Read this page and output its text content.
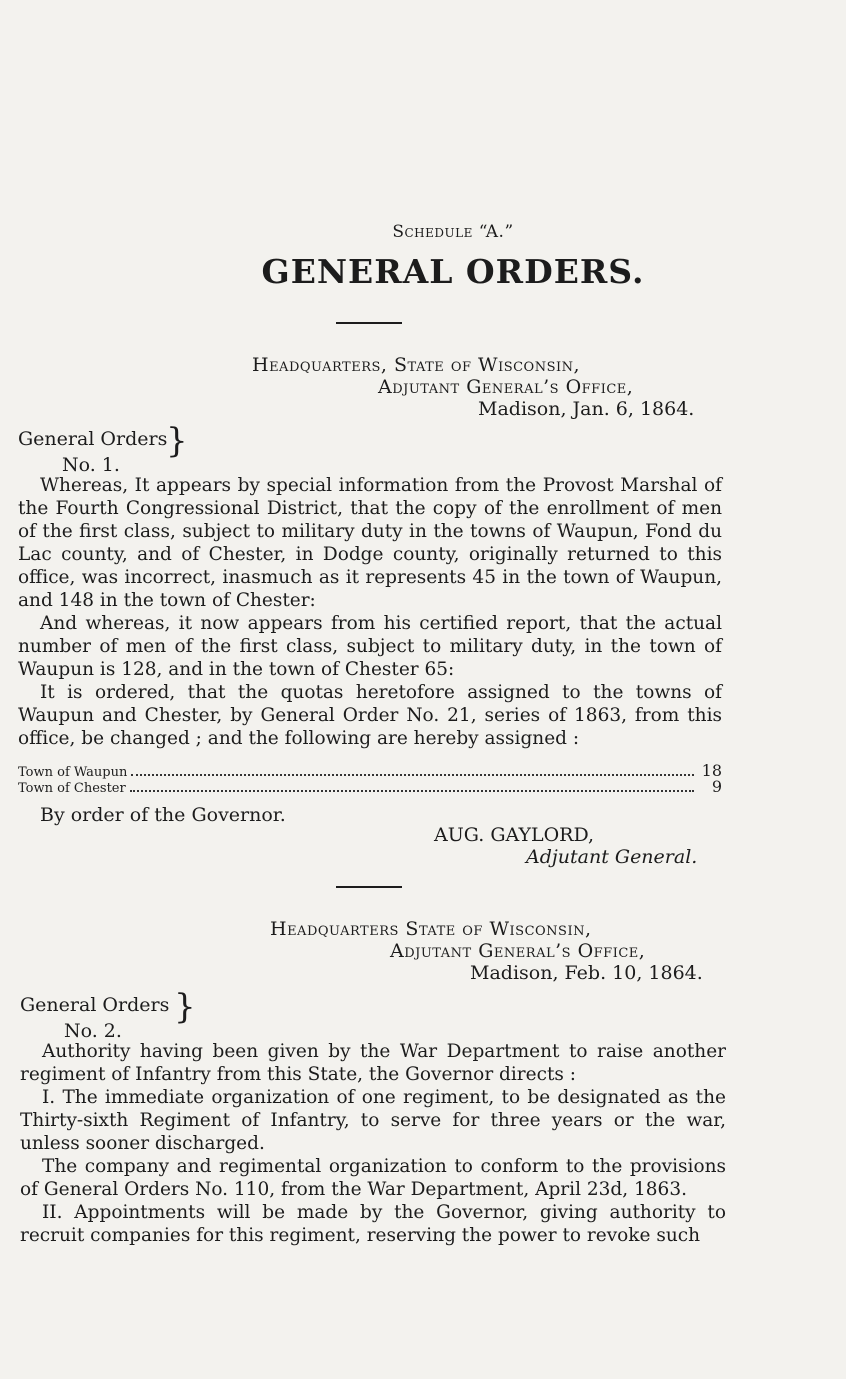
Schedule “A.”
GENERAL ORDERS.
Headquarters, State of Wisconsin,
Adjutant General’s Office,
Madison, Jan. 6, 1864.
General Orders
No. 1.
}

Whereas, It appears by special information from the Provost Marshal of the Fourth Congressional District, that the copy of the enrollment of men of the first class, subject to military duty in the towns of Waupun, Fond du Lac county, and of Chester, in Dodge county, originally returned to this office, was incorrect, inasmuch as it represents 45 in the town of Waupun, and 148 in the town of Chester:

And whereas, it now appears from his certified report, that the actual number of men of the first class, subject to military duty, in the town of Waupun is 128, and in the town of Chester 65:

It is ordered, that the quotas heretofore assigned to the towns of Waupun and Chester, by General Order No. 21, series of 1863, from this office, be changed ; and the following are hereby assigned :

Town of Waupun	18
Town of Chester	9
By order of the Governor.
AUG. GAYLORD,
Adjutant General.
Headquarters State of Wisconsin,
Adjutant General’s Office,
Madison, Feb. 10, 1864.
General Orders
No. 2.
}

Authority having been given by the War Department to raise another regiment of Infantry from this State, the Governor directs :

I. The immediate organization of one regiment, to be designated as the Thirty-sixth Regiment of Infantry, to serve for three years or the war, unless sooner discharged.

The company and regimental organization to conform to the provisions of General Orders No. 110, from the War Department, April 23d, 1863.

II. Appointments will be made by the Governor, giving authority to recruit companies for this regiment, reserving the power to revoke such
